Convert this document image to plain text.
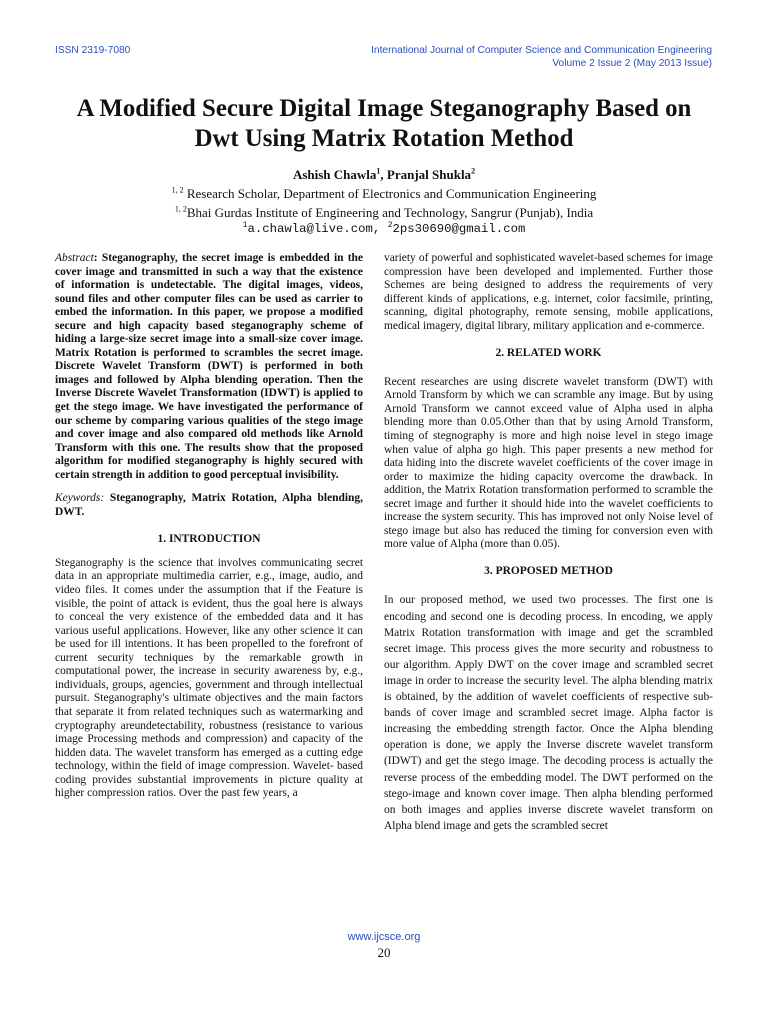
ISSN 2319-7080	International Journal of Computer Science and Communication Engineering
Volume 2 Issue 2 (May 2013 Issue)
A Modified Secure Digital Image Steganography Based on
Dwt Using Matrix Rotation Method
Ashish Chawla$^1$, Pranjal Shukla$^2$
$^{1, 2}$ Research Scholar, Department of Electronics and Communication Engineering
$^{1, 2}$Bhai Gurdas Institute of Engineering and Technology, Sangrur (Punjab), India
$^1$a.chawla@live.com, $^2$2ps30690@gmail.com

Abstract: Steganography, the secret image is embedded in the cover image and transmitted in such a way that the existence of information is undetectable. The digital images, videos, sound files and other computer files can be used as carrier to embed the information. In this paper, we propose a modified secure and high capacity based steganography scheme of hiding a large-size secret image into a small-size cover image. Matrix Rotation is performed to scrambles the secret image. Discrete Wavelet Transform (DWT) is performed in both images and followed by Alpha blending operation. Then the Inverse Discrete Wavelet Transformation (IDWT) is applied to get the stego image. We have investigated the performance of our scheme by comparing various qualities of the stego image and cover image and also compared old methods like Arnold Transform with this one. The results show that the proposed algorithm for modified steganography is highly secured with certain strength in addition to good perceptual invisibility.

Keywords: Steganography, Matrix Rotation, Alpha blending, DWT.

1. INTRODUCTION

Steganography is the science that involves communicating secret data in an appropriate multimedia carrier, e.g., image, audio, and video files. It comes under the assumption that if the Feature is visible, the point of attack is evident, thus the goal here is always to conceal the very existence of the embedded data and it has various useful applications. However, like any other science it can be used for ill intentions. It has been propelled to the forefront of current security techniques by the remarkable growth in computational power, the increase in security awareness by, e.g., individuals, groups, agencies, government and through intellectual pursuit. Steganography's ultimate objectives and the main factors that separate it from related techniques such as watermarking and cryptography areundetectability, robustness (resistance to various image Processing methods and compression) and capacity of the hidden data. The wavelet transform has emerged as a cutting edge technology, within the field of image compression. Wavelet- based coding provides substantial improvements in picture quality at higher compression ratios. Over the past few years, a

variety of powerful and sophisticated wavelet-based schemes for image compression have been developed and implemented. Further those Schemes are being designed to address the requirements of very different kinds of applications, e.g. internet, color facsimile, printing, scanning, digital photography, remote sensing, mobile applications, medical imagery, digital library, military application and e-commerce.

2. RELATED WORK

Recent researches are using discrete wavelet transform (DWT) with Arnold Transform by which we can scramble any image. But by using Arnold Transform we cannot exceed value of Alpha used in alpha blending more than 0.05.Other than that by using Arnold Transform, timing of stegnography is more and high noise level in stego image when value of alpha go high. This paper presents a new method for data hiding into the discrete wavelet coefficients of the cover image in order to maximize the hiding capacity overcome the drawback. In addition, the Matrix Rotation transformation performed to scramble the secret image and further it should hide into the wavelet coefficients to increase the system security. This has improved not only Noise level of stego image but also has reduced the timing for conversion even with more value of Alpha (more than 0.05).

3. PROPOSED METHOD

In our proposed method, we used two processes. The first one is encoding and second one is decoding process. In encoding, we apply Matrix Rotation transformation with image and get the scrambled secret image. This process gives the more security and robustness to our algorithm. Apply DWT on the cover image and scrambled secret image in order to increase the security level. The alpha blending matrix is obtained, by the addition of wavelet coefficients of respective sub-bands of cover image and scrambled secret image. Alpha factor is increasing the embedding strength factor. Once the Alpha blending operation is done, we apply the Inverse discrete wavelet transform (IDWT) and get the stego image. The decoding process is actually the reverse process of the embedding model. The DWT performed on the stego-image and known cover image. Then alpha blending performed on both images and applies inverse discrete wavelet transform on Alpha blend image and gets the scrambled secret

www.ijcsce.org
20
